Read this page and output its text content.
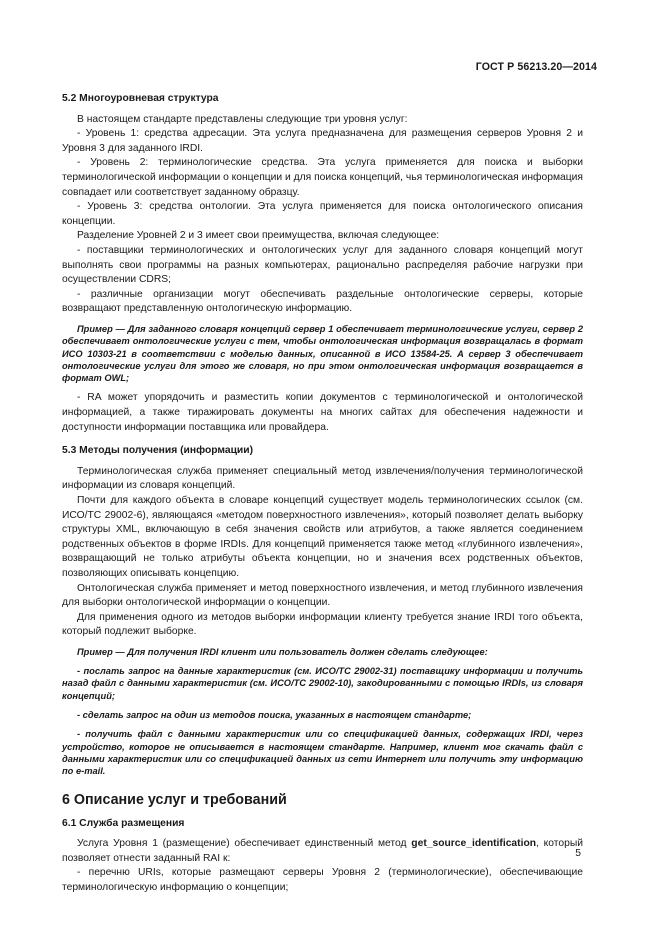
ГОСТ Р 56213.20—2014

5.2 Многоуровневая структура

В настоящем стандарте представлены следующие три уровня услуг:

- Уровень 1: средства адресации. Эта услуга предназначена для размещения серверов Уровня 2 и Уровня 3 для заданного IRDI.

- Уровень 2: терминологические средства. Эта услуга применяется для поиска и выборки терминологической информации о концепции и для поиска концепций, чья терминологическая информация совпадает или соответствует заданному образцу.

- Уровень 3: средства онтологии. Эта услуга применяется для поиска онтологического описания концепции.

Разделение Уровней 2 и 3 имеет свои преимущества, включая следующее:

- поставщики терминологических и онтологических услуг для заданного словаря концепций могут выполнять свои программы на разных компьютерах, рационально распределяя рабочие нагрузки при осуществлении CDRS;

- различные организации могут обеспечивать раздельные онтологические серверы, которые возвращают представленную онтологическую информацию.

Пример — Для заданного словаря концепций сервер 1 обеспечивает терминологические услуги, сервер 2 обеспечивает онтологические услуги с тем, чтобы онтологическая информация возвращалась в формат ИСО 10303-21 в соответствии с моделью данных, описанной в ИСО 13584-25. А сервер 3 обеспечивает онтологические услуги для этого же словаря, но при этом онтологическая информация возвращается в формат OWL;

- RA может упорядочить и разместить копии документов с терминологической и онтологической информацией, а также тиражировать документы на многих сайтах для обеспечения надежности и доступности информации поставщика или провайдера.

5.3 Методы получения (информации)

Терминологическая служба применяет специальный метод извлечения/получения терминологической информации из словаря концепций.

Почти для каждого объекта в словаре концепций существует модель терминологических ссылок (см. ИСО/ТС 29002-6), являющаяся «методом поверхностного извлечения», который позволяет делать выборку структуры XML, включающую в себя значения свойств или атрибутов, а также является соединением родственных объектов в форме IRDIs. Для концепций применяется также метод «глубинного извлечения», возвращающий не только атрибуты объекта концепции, но и значения всех родственных объектов, позволяющих описывать концепцию.

Онтологическая служба применяет и метод поверхностного извлечения, и метод глубинного извлечения для выборки онтологической информации о концепции.

Для применения одного из методов выборки информации клиенту требуется знание IRDI того объекта, который подлежит выборке.

Пример — Для получения IRDI клиент или пользователь должен сделать следующее:

- послать запрос на данные характеристик (см. ИСО/ТС 29002-31) поставщику информации и получить назад файл с данными характеристик (см. ИСО/ТС 29002-10), закодированными с помощью IRDIs, из словаря концепций;

- сделать запрос на один из методов поиска, указанных в настоящем стандарте;

- получить файл с данными характеристик или со спецификацией данных, содержащих IRDI, через устройство, которое не описывается в настоящем стандарте. Например, клиент мог скачать файл с данными характеристик или со спецификацией данных из сети Интернет или получить эту информацию по e-mail.

6 Описание услуг и требований

6.1 Служба размещения

Услуга Уровня 1 (размещение) обеспечивает единственный метод get_source_identification, который позволяет отнести заданный RAI к:

- перечню URIs, которые размещают серверы Уровня 2 (терминологические), обеспечивающие терминологическую информацию о концепции;

5
